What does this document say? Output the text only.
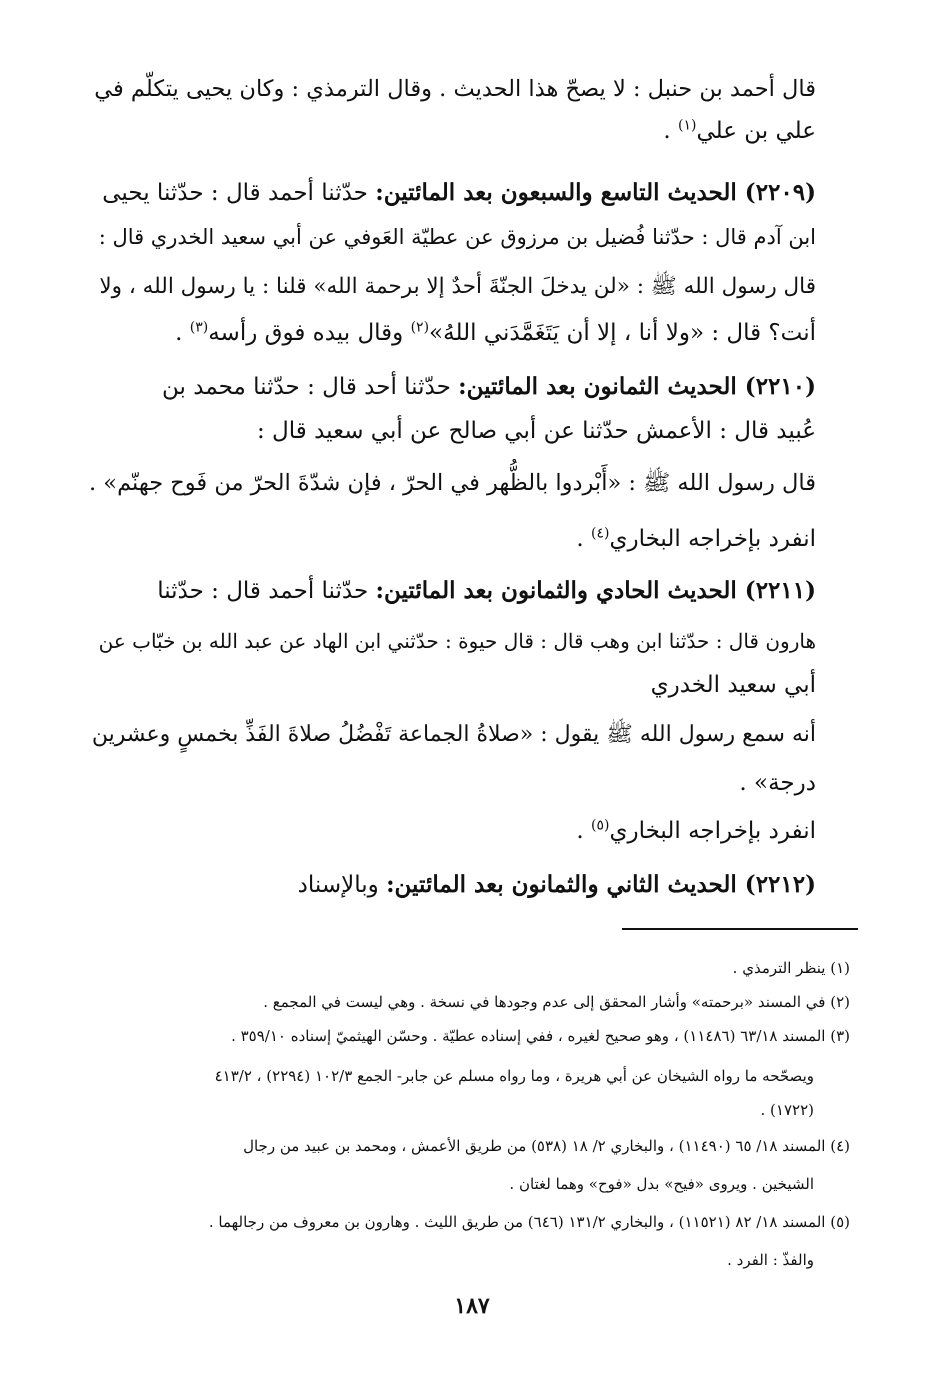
قال أحمد بن حنبل : لا يصحّ هذا الحديث . وقال الترمذي : وكان يحيى يتكلّم في
علي بن علي$^{(١)}$ .
(٢٢٠٩) الحديث التاسع والسبعون بعد المائتين: حدّثنا أحمد قال : حدّثنا يحيى
ابن آدم قال : حدّثنا فُضيل بن مرزوق عن عطيّة العَوفي عن أبي سعيد الخدري قال :
قال رسول الله ﷺ : «لن يدخلَ الجنّةَ أحدٌ إلا برحمة الله» قلنا : يا رسول الله ، ولا
أنت؟ قال : «ولا أنا ، إلا أن يَتَغَمَّدَني اللهُ»$^{(٢)}$ وقال بيده فوق رأسه$^{(٣)}$ .
(٢٢١٠) الحديث الثمانون بعد المائتين: حدّثنا أحد قال : حدّثنا محمد بن
عُبيد قال : الأعمش حدّثنا عن أبي صالح عن أبي سعيد قال :
قال رسول الله ﷺ : «أَبْردوا بالظُّهر في الحرّ ، فإن شدّةَ الحرّ من فَوح جهنّم» .
انفرد بإخراجه البخاري$^{(٤)}$ .
(٢٢١١) الحديث الحادي والثمانون بعد المائتين: حدّثنا أحمد قال : حدّثنا
هارون قال : حدّثنا ابن وهب قال : قال حيوة : حدّثني ابن الهاد عن عبد الله بن خبّاب عن
أبي سعيد الخدري
أنه سمع رسول الله ﷺ يقول : «صلاةُ الجماعة تَفْضُلُ صلاةَ الفَذِّ بخمسٍ وعشرين
درجة» .
انفرد بإخراجه البخاري$^{(٥)}$ .
(٢٢١٢) الحديث الثاني والثمانون بعد المائتين: وبالإسناد
(١) ينظر الترمذي .
(٢) في المسند «برحمته» وأشار المحقق إلى عدم وجودها في نسخة . وهي ليست في المجمع .
(٣) المسند ٦٣/١٨ (١١٤٨٦) ، وهو صحيح لغيره ، ففي إسناده عطيّة . وحسّن الهيثميّ إسناده ٣٥٩/١٠ .
ويصحّحه ما رواه الشيخان عن أبي هريرة ، وما رواه مسلم عن جابر- الجمع ١٠٢/٣ (٢٢٩٤) ، ٤١٣/٢
(١٧٢٢) .
(٤) المسند ١٨/ ٦٥ (١١٤٩٠) ، والبخاري ٢/ ١٨ (٥٣٨) من طريق الأعمش ، ومحمد بن عبيد من رجال
الشيخين . ويروى «فيح» بدل «فوح» وهما لغتان .
(٥) المسند ١٨/ ٨٢ (١١٥٢١) ، والبخاري ١٣١/٢ (٦٤٦) من طريق الليث . وهارون بن معروف من رجالهما .
والفذّ : الفرد .
١٨٧
